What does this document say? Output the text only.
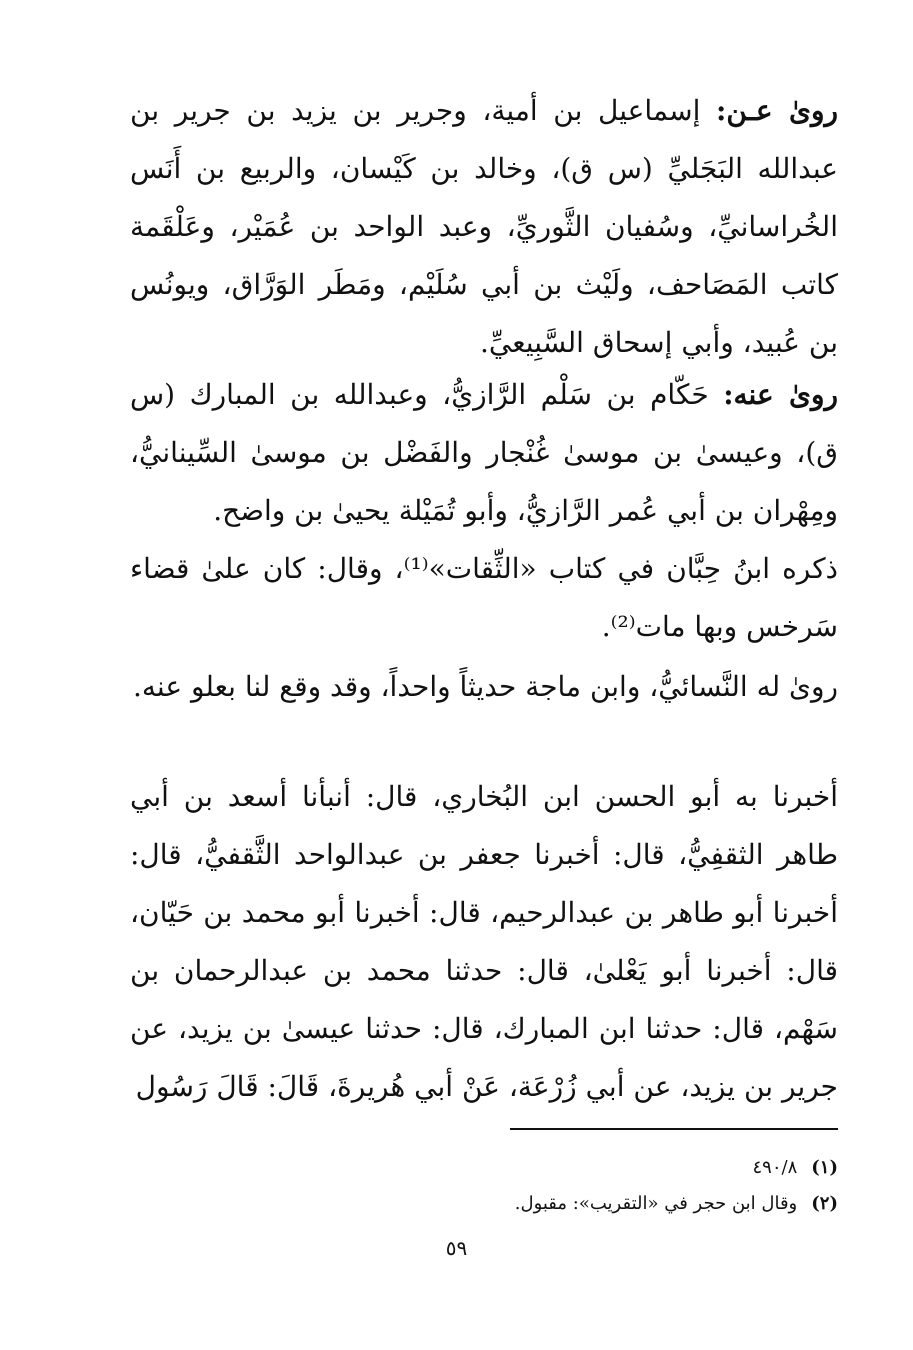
روىٰ عـن: إسماعيل بن أمية، وجرير بن يزيد بن جرير بن عبدالله البَجَليِّ (س ق)، وخالد بن كَيْسان، والربيع بن أَنَس الخُراسانيِّ، وسُفيان الثَّوريِّ، وعبد الواحد بن عُمَيْر، وعَلْقَمة كاتب المَصَاحف، ولَيْث بن أبي سُلَيْم، ومَطَر الوَرَّاق، ويونُس بن عُبيد، وأبي إسحاق السَّبِيعيِّ.

روىٰ عنه: حَكّام بن سَلْم الرَّازيُّ، وعبدالله بن المبارك (س ق)، وعيسىٰ بن موسىٰ غُنْجار والفَضْل بن موسىٰ السِّينانيُّ، ومِهْران بن أبي عُمر الرَّازيُّ، وأبو تُمَيْلة يحيىٰ بن واضح.

ذكره ابنُ حِبَّان في كتاب «الثِّقات»⁽¹⁾، وقال: كان علىٰ قضاء سَرخس وبها مات⁽²⁾.

روىٰ له النَّسائيُّ، وابن ماجة حديثاً واحداً، وقد وقع لنا بعلو عنه.

أخبرنا به أبو الحسن ابن البُخاري، قال: أنبأنا أسعد بن أبي طاهر الثقفِيُّ، قال: أخبرنا جعفر بن عبدالواحد الثَّقفيُّ، قال: أخبرنا أبو طاهر بن عبدالرحيم، قال: أخبرنا أبو محمد بن حَيّان، قال: أخبرنا أبو يَعْلىٰ، قال: حدثنا محمد بن عبدالرحمان بن سَهْم، قال: حدثنا ابن المبارك، قال: حدثنا عيسىٰ بن يزيد، عن جرير بن يزيد، عن أبي زُرْعَة، عَنْ أبي هُريرةَ، قَالَ: قَالَ رَسُول

(١)٤٩٠/٨

(٢)وقال ابن حجر في «التقريب»: مقبول.

٥٩
